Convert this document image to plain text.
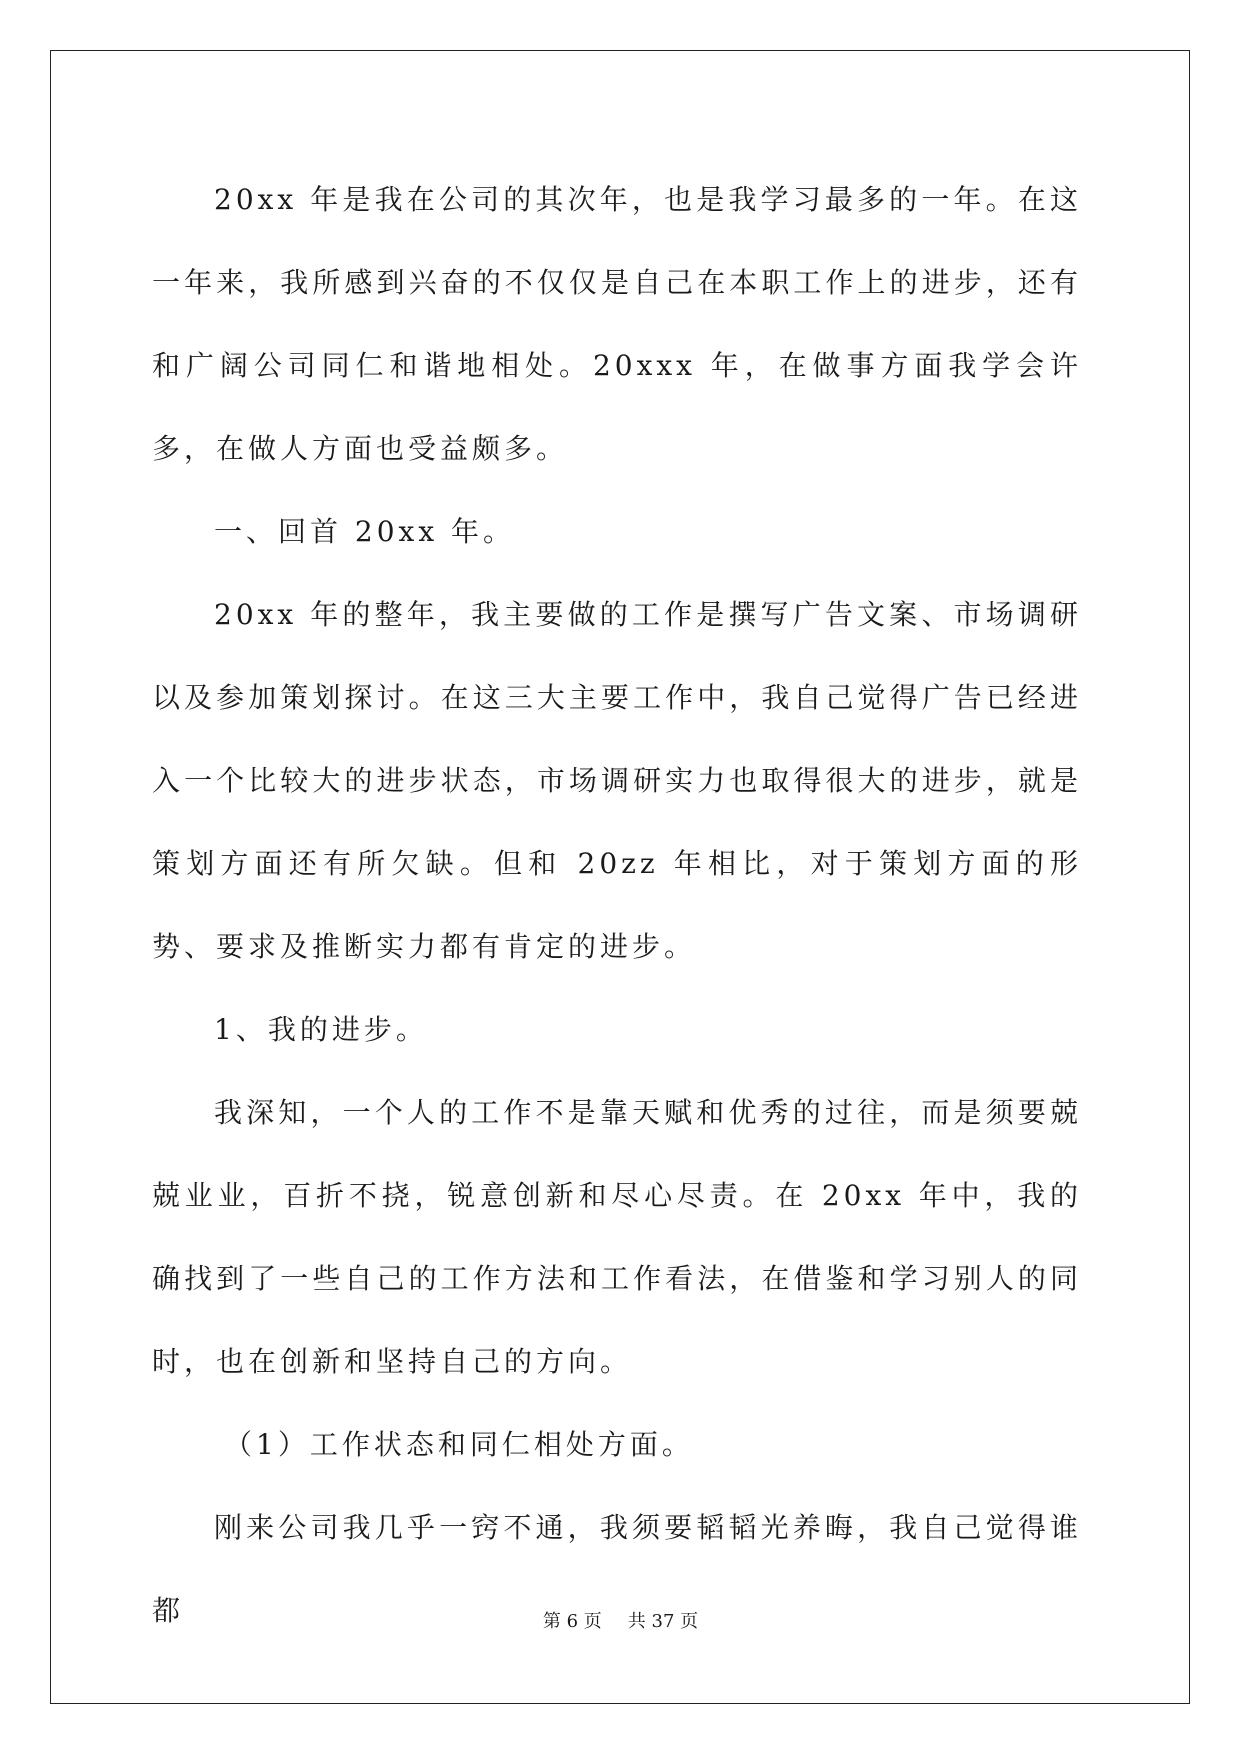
20xx 年是我在公司的其次年，也是我学习最多的一年。在这一年来，我所感到兴奋的不仅仅是自己在本职工作上的进步，还有和广阔公司同仁和谐地相处。20xxx 年，在做事方面我学会许多，在做人方面也受益颇多。

一、回首 20xx 年。

20xx 年的整年，我主要做的工作是撰写广告文案、市场调研以及参加策划探讨。在这三大主要工作中，我自己觉得广告已经进入一个比较大的进步状态，市场调研实力也取得很大的进步，就是策划方面还有所欠缺。但和 20zz 年相比，对于策划方面的形势、要求及推断实力都有肯定的进步。

1、我的进步。

我深知，一个人的工作不是靠天赋和优秀的过往，而是须要兢兢业业，百折不挠，锐意创新和尽心尽责。在 20xx 年中，我的确找到了一些自己的工作方法和工作看法，在借鉴和学习别人的同时，也在创新和坚持自己的方向。

（1）工作状态和同仁相处方面。

刚来公司我几乎一窍不通，我须要韬韬光养晦，我自己觉得谁都	第 6 页 共 37 页
